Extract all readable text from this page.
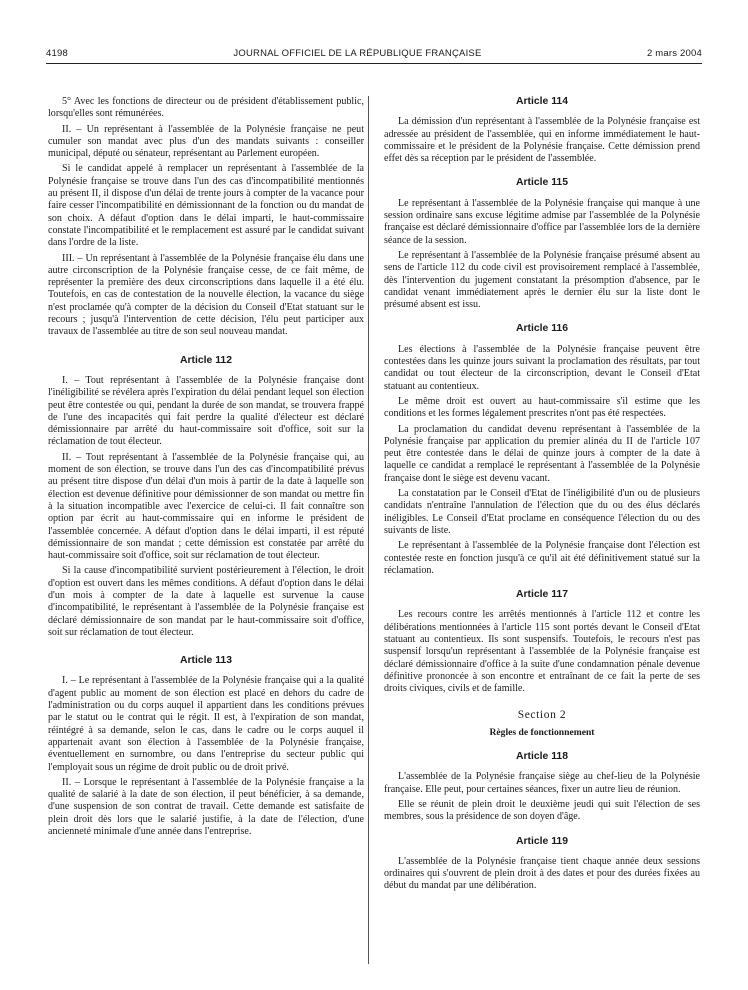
4198	JOURNAL OFFICIEL DE LA RÉPUBLIQUE FRANÇAISE	2 mars 2004

5° Avec les fonctions de directeur ou de président d'établissement public, lorsqu'elles sont rémunérées.

II. – Un représentant à l'assemblée de la Polynésie française ne peut cumuler son mandat avec plus d'un des mandats suivants : conseiller municipal, député ou sénateur, représentant au Parlement européen.

Si le candidat appelé à remplacer un représentant à l'assemblée de la Polynésie française se trouve dans l'un des cas d'incompatibilité mentionnés au présent II, il dispose d'un délai de trente jours à compter de la vacance pour faire cesser l'incompatibilité en démissionnant de la fonction ou du mandat de son choix. A défaut d'option dans le délai imparti, le haut-commissaire constate l'incompatibilité et le remplacement est assuré par le candidat suivant dans l'ordre de la liste.

III. – Un représentant à l'assemblée de la Polynésie française élu dans une autre circonscription de la Polynésie française cesse, de ce fait même, de représenter la première des deux circonscriptions dans laquelle il a été élu. Toutefois, en cas de contestation de la nouvelle élection, la vacance du siège n'est proclamée qu'à compter de la décision du Conseil d'Etat statuant sur le recours ; jusqu'à l'intervention de cette décision, l'élu peut participer aux travaux de l'assemblée au titre de son seul nouveau mandat.

Article 112

I. – Tout représentant à l'assemblée de la Polynésie française dont l'inéligibilité se révélera après l'expiration du délai pendant lequel son élection peut être contestée ou qui, pendant la durée de son mandat, se trouvera frappé de l'une des incapacités qui fait perdre la qualité d'électeur est déclaré démissionnaire par arrêté du haut-commissaire soit d'office, soit sur la réclamation de tout électeur.

II. – Tout représentant à l'assemblée de la Polynésie française qui, au moment de son élection, se trouve dans l'un des cas d'incompatibilité prévus au présent titre dispose d'un délai d'un mois à partir de la date à laquelle son élection est devenue définitive pour démissionner de son mandat ou mettre fin à la situation incompatible avec l'exercice de celui-ci. Il fait connaître son option par écrit au haut-commissaire qui en informe le président de l'assemblée concernée. A défaut d'option dans le délai imparti, il est réputé démissionnaire de son mandat ; cette démission est constatée par arrêté du haut-commissaire soit d'office, soit sur réclamation de tout électeur.

Si la cause d'incompatibilité survient postérieurement à l'élection, le droit d'option est ouvert dans les mêmes conditions. A défaut d'option dans le délai d'un mois à compter de la date à laquelle est survenue la cause d'incompatibilité, le représentant à l'assemblée de la Polynésie française est déclaré démissionnaire de son mandat par le haut-commissaire soit d'office, soit sur réclamation de tout électeur.

Article 113

I. – Le représentant à l'assemblée de la Polynésie française qui a la qualité d'agent public au moment de son élection est placé en dehors du cadre de l'administration ou du corps auquel il appartient dans les conditions prévues par le statut ou le contrat qui le régit. Il est, à l'expiration de son mandat, réintégré à sa demande, selon le cas, dans le cadre ou le corps auquel il appartenait avant son élection à l'assemblée de la Polynésie française, éventuellement en surnombre, ou dans l'entreprise du secteur public qui l'employait sous un régime de droit public ou de droit privé.

II. – Lorsque le représentant à l'assemblée de la Polynésie française a la qualité de salarié à la date de son élection, il peut bénéficier, à sa demande, d'une suspension de son contrat de travail. Cette demande est satisfaite de plein droit dès lors que le salarié justifie, à la date de l'élection, d'une ancienneté minimale d'une année dans l'entreprise.

Article 114

La démission d'un représentant à l'assemblée de la Polynésie française est adressée au président de l'assemblée, qui en informe immédiatement le haut-commissaire et le président de la Polynésie française. Cette démission prend effet dès sa réception par le président de l'assemblée.

Article 115

Le représentant à l'assemblée de la Polynésie française qui manque à une session ordinaire sans excuse légitime admise par l'assemblée de la Polynésie française est déclaré démissionnaire d'office par l'assemblée lors de la dernière séance de la session.

Le représentant à l'assemblée de la Polynésie française présumé absent au sens de l'article 112 du code civil est provisoirement remplacé à l'assemblée, dès l'intervention du jugement constatant la présomption d'absence, par le candidat venant immédiatement après le dernier élu sur la liste dont le présumé absent est issu.

Article 116

Les élections à l'assemblée de la Polynésie française peuvent être contestées dans les quinze jours suivant la proclamation des résultats, par tout candidat ou tout électeur de la circonscription, devant le Conseil d'Etat statuant au contentieux.

Le même droit est ouvert au haut-commissaire s'il estime que les conditions et les formes légalement prescrites n'ont pas été respectées.

La proclamation du candidat devenu représentant à l'assemblée de la Polynésie française par application du premier alinéa du II de l'article 107 peut être contestée dans le délai de quinze jours à compter de la date à laquelle ce candidat a remplacé le représentant à l'assemblée de la Polynésie française dont le siège est devenu vacant.

La constatation par le Conseil d'Etat de l'inéligibilité d'un ou de plusieurs candidats n'entraîne l'annulation de l'élection que du ou des élus déclarés inéligibles. Le Conseil d'Etat proclame en conséquence l'élection du ou des suivants de liste.

Le représentant à l'assemblée de la Polynésie française dont l'élection est contestée reste en fonction jusqu'à ce qu'il ait été définitivement statué sur la réclamation.

Article 117

Les recours contre les arrêtés mentionnés à l'article 112 et contre les délibérations mentionnées à l'article 115 sont portés devant le Conseil d'Etat statuant au contentieux. Ils sont suspensifs. Toutefois, le recours n'est pas suspensif lorsqu'un représentant à l'assemblée de la Polynésie française est déclaré démissionnaire d'office à la suite d'une condamnation pénale devenue définitive prononcée à son encontre et entraînant de ce fait la perte de ses droits civiques, civils et de famille.

Section 2
Règles de fonctionnement
Article 118

L'assemblée de la Polynésie française siège au chef-lieu de la Polynésie française. Elle peut, pour certaines séances, fixer un autre lieu de réunion.

Elle se réunit de plein droit le deuxième jeudi qui suit l'élection de ses membres, sous la présidence de son doyen d'âge.

Article 119

L'assemblée de la Polynésie française tient chaque année deux sessions ordinaires qui s'ouvrent de plein droit à des dates et pour des durées fixées au début du mandat par une délibération.
